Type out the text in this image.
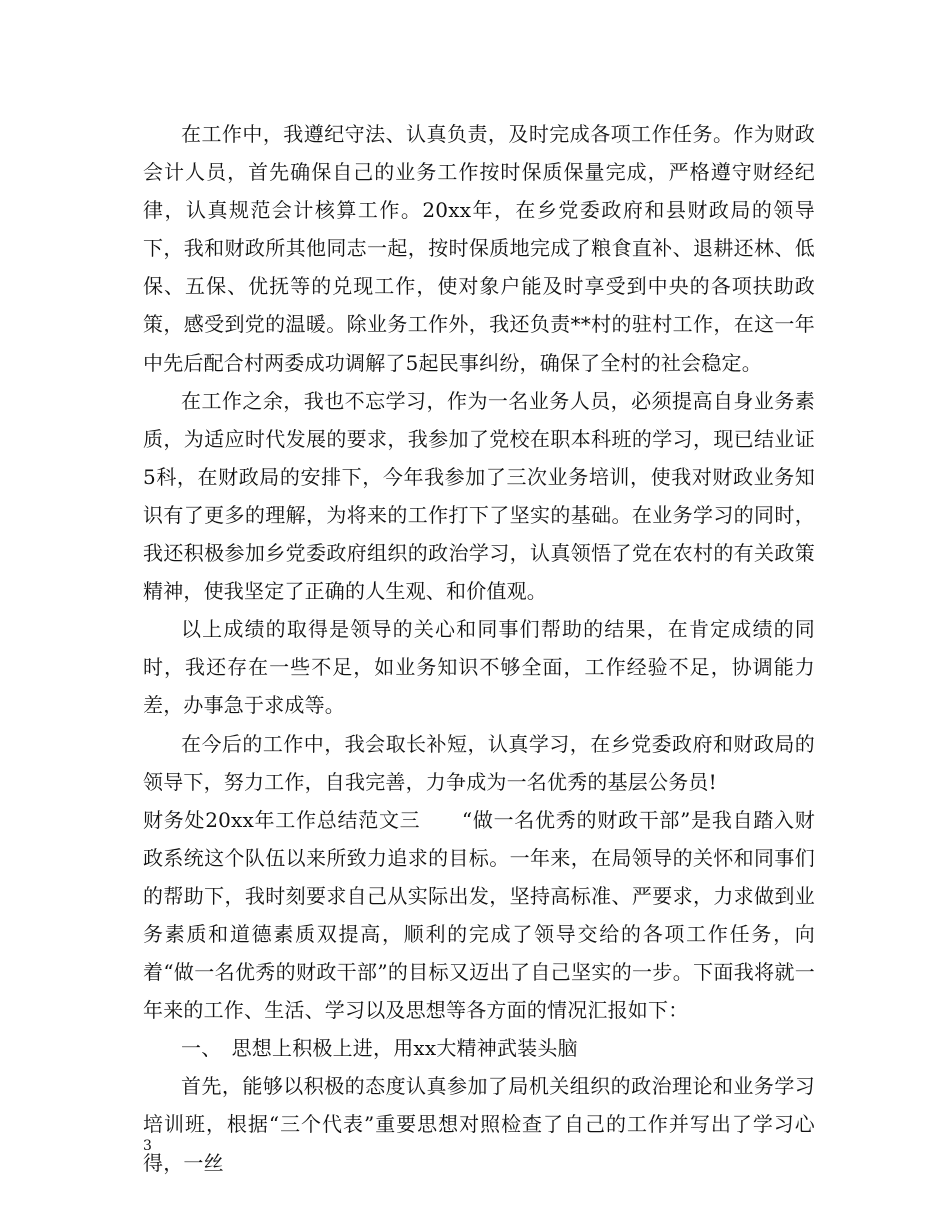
在工作中，我遵纪守法、认真负责，及时完成各项工作任务。作为财政会计人员，首先确保自己的业务工作按时保质保量完成，严格遵守财经纪律，认真规范会计核算工作。20xx年，在乡党委政府和县财政局的领导下，我和财政所其他同志一起，按时保质地完成了粮食直补、退耕还林、低保、五保、优抚等的兑现工作，使对象户能及时享受到中央的各项扶助政策，感受到党的温暖。除业务工作外，我还负责**村的驻村工作，在这一年中先后配合村两委成功调解了5起民事纠纷，确保了全村的社会稳定。

在工作之余，我也不忘学习，作为一名业务人员，必须提高自身业务素质，为适应时代发展的要求，我参加了党校在职本科班的学习，现已结业证5科，在财政局的安排下，今年我参加了三次业务培训，使我对财政业务知识有了更多的理解，为将来的工作打下了坚实的基础。在业务学习的同时，我还积极参加乡党委政府组织的政治学习，认真领悟了党在农村的有关政策精神，使我坚定了正确的人生观、和价值观。

以上成绩的取得是领导的关心和同事们帮助的结果，在肯定成绩的同时，我还存在一些不足，如业务知识不够全面，工作经验不足，协调能力差，办事急于求成等。

在今后的工作中，我会取长补短，认真学习，在乡党委政府和财政局的领导下，努力工作，自我完善，力争成为一名优秀的基层公务员!

财务处20xx年工作总结范文三　　“做一名优秀的财政干部”是我自踏入财政系统这个队伍以来所致力追求的目标。一年来，在局领导的关怀和同事们的帮助下，我时刻要求自己从实际出发，坚持高标准、严要求，力求做到业务素质和道德素质双提高，顺利的完成了领导交给的各项工作任务，向着“做一名优秀的财政干部”的目标又迈出了自己坚实的一步。下面我将就一年来的工作、生活、学习以及思想等各方面的情况汇报如下：

一、　思想上积极上进，用xx大精神武装头脑

首先，能够以积极的态度认真参加了局机关组织的政治理论和业务学习培训班，根据“三个代表”重要思想对照检查了自己的工作并写出了学习心得，一丝

3
